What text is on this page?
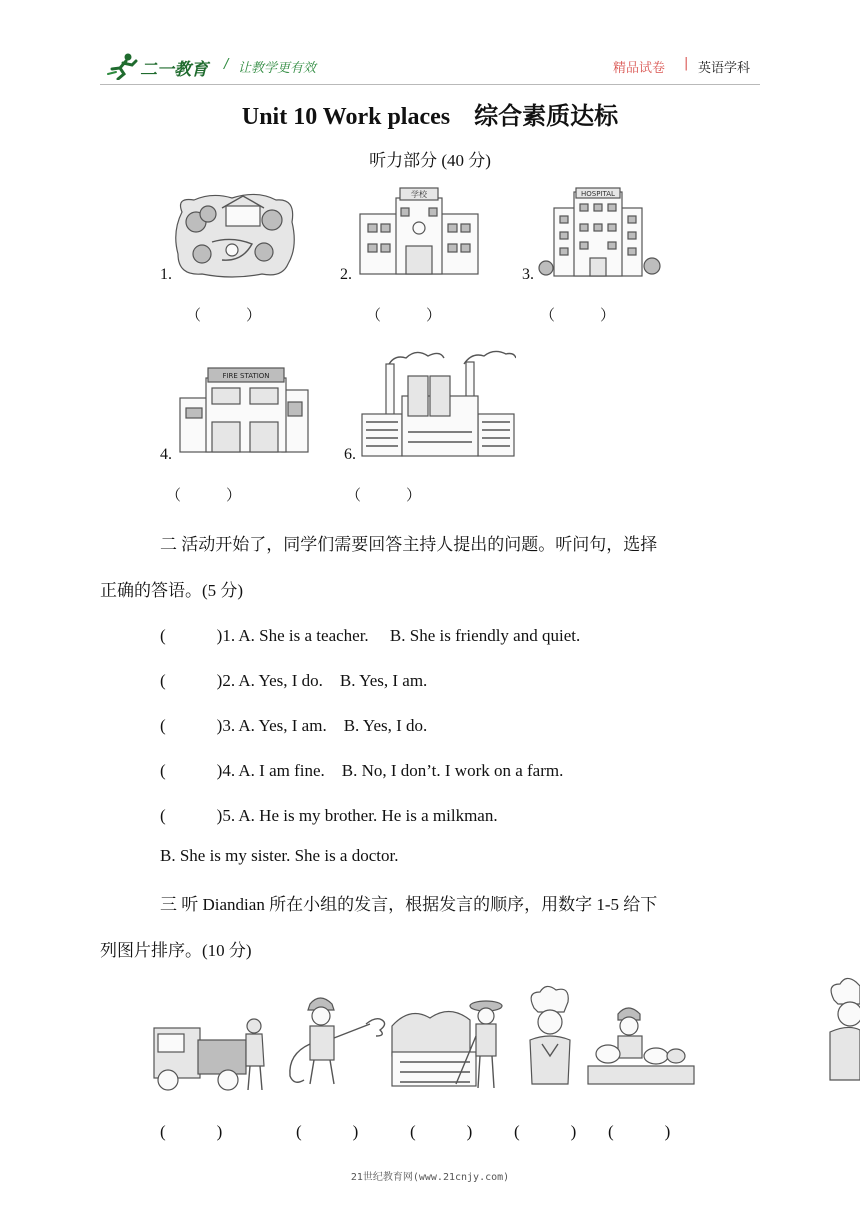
二一教育 / 让教学更有效	精品试卷 | 英语学科
Unit 10 Work places　综合素质达标
听力部分 (40 分)
1.
（　　　）
2.
学校
（　　　）
3.
HOSPITAL
（　　　）
4.
FIRE STATION
（　　　）
6.
（　　　）
二 活动开始了，同学们需要回答主持人提出的问题。听问句，选择
正确的答语。(5 分)
(　　　)1. A. She is a teacher.　 B. She is friendly and quiet.
(　　　)2. A. Yes, I do.　B. Yes, I am.
(　　　)3. A. Yes, I am.　B. Yes, I do.
(　　　)4. A. I am fine.　B. No, I don’t. I work on a farm.
(　　　)5. A. He is my brother. He is a milkman.
B. She is my sister. She is a doctor.
三 听 Diandian 所在小组的发言，根据发言的顺序，用数字 1-5 给下
列图片排序。(10 分)
(　　　)	(　　　)	(　　　) (　　　) (　　　)
21世纪教育网(www.21cnjy.com)
